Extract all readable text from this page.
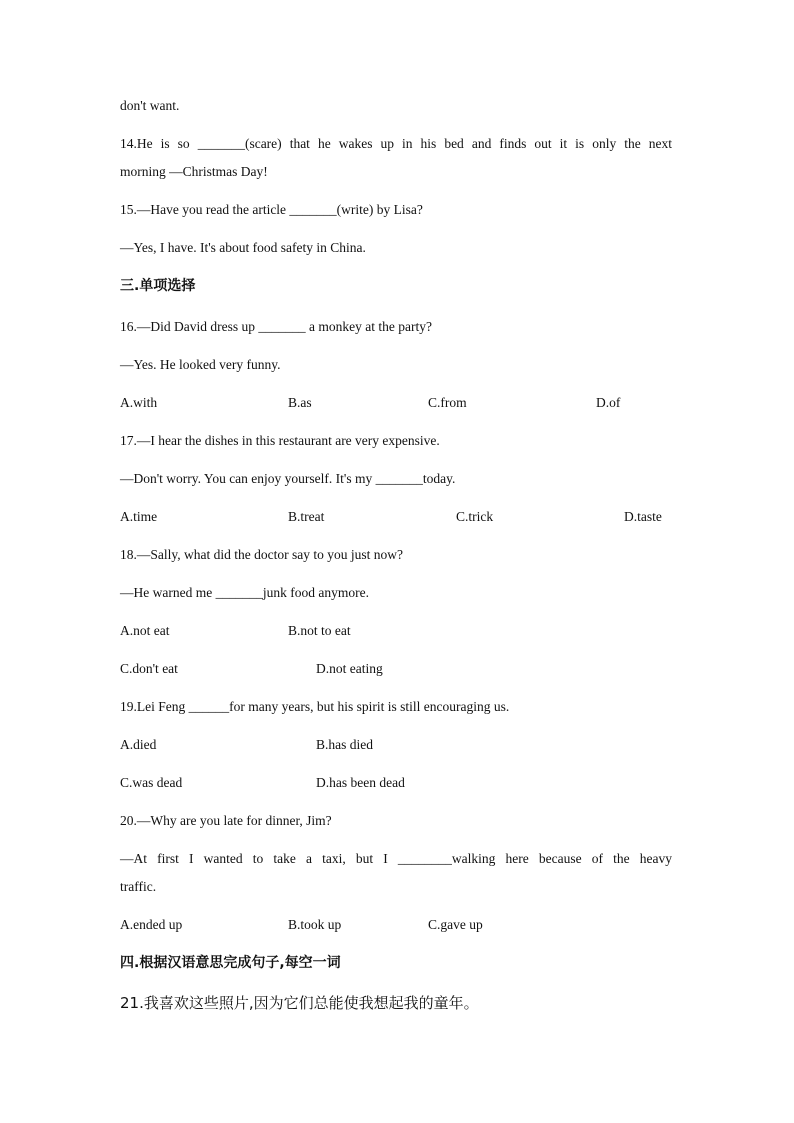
don't want.
14.He is so _______(scare) that he wakes up in his bed and finds out it is only the next
morning —Christmas Day!
15.—Have you read the article _______(write) by Lisa?
—Yes, I have. It's about food safety in China.
三.单项选择
16.—Did David dress up _______ a monkey at the party?
—Yes. He looked very funny.
A.with	B.as	C.from	D.of
17.—I hear the dishes in this restaurant are very expensive.
—Don't worry. You can enjoy yourself. It's my _______today.
A.time	B.treat	C.trick	D.taste
18.—Sally, what did the doctor say to you just now?
—He warned me _______junk food anymore.
A.not eat	B.not to eat
C.don't eat	D.not eating
19.Lei Feng ______for many years, but his spirit is still encouraging us.
A.died	B.has died
C.was dead	D.has been dead
20.—Why are you late for dinner, Jim?
—At first I wanted to take a taxi, but I ________walking here because of the heavy
traffic.
A.ended up	B.took up	C.gave up
四.根据汉语意思完成句子,每空一词
21.我喜欢这些照片,因为它们总能使我想起我的童年。
